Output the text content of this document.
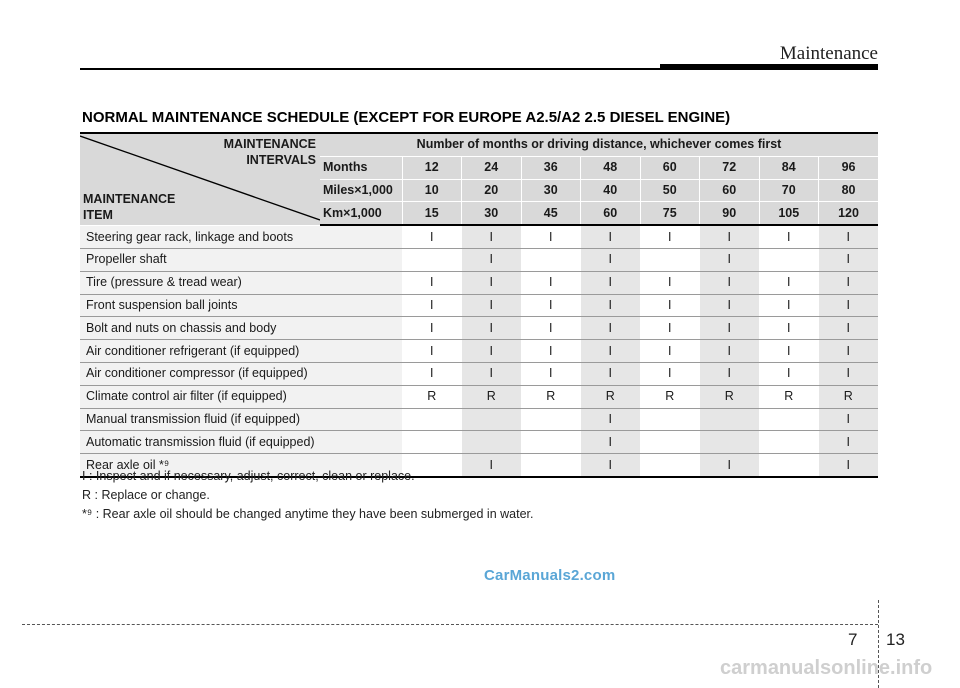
Maintenance
NORMAL MAINTENANCE SCHEDULE (EXCEPT FOR EUROPE A2.5/A2 2.5 DIESEL ENGINE)
MAINTENANCE
INTERVALS
MAINTENANCE
ITEM	Number of months or driving distance, whichever comes first								
	Months	12	24	36	48	60	72	84	96
	Miles×1,000	10	20	30	40	50	60	70	80
	Km×1,000	15	30	45	60	75	90	105	120
Steering gear rack, linkage and boots		I	I	I	I	I	I	I	I
Propeller shaft			I		I		I		I
Tire (pressure & tread wear)		I	I	I	I	I	I	I	I
Front suspension ball joints		I	I	I	I	I	I	I	I
Bolt and nuts on chassis and body		I	I	I	I	I	I	I	I
Air conditioner refrigerant (if equipped)		I	I	I	I	I	I	I	I
Air conditioner compressor (if equipped)		I	I	I	I	I	I	I	I
Climate control air filter (if equipped)		R	R	R	R	R	R	R	R
Manual transmission fluid (if equipped)					I				I
Automatic transmission fluid (if equipped)					I				I
Rear axle oil *⁹			I		I		I		I
I : Inspect and if necessary, adjust, correct, clean or replace.
R : Replace or change.
*⁹ : Rear axle oil should be changed anytime they have been submerged in water.
CarManuals2.com
7 13
carmanualsonline.info
